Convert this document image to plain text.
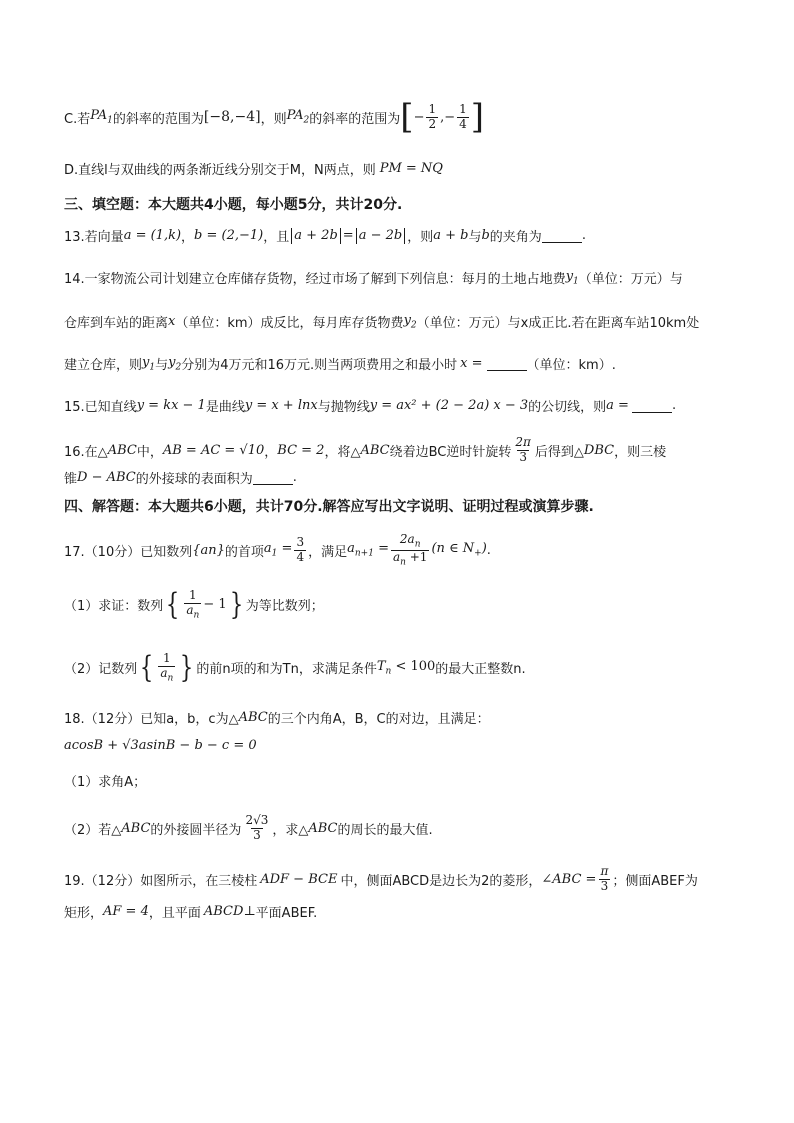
C.若 $PA_1$ 的斜率的范围为 [−8,−4] ，则 $PA_2$ 的斜率的范围为 [ − $\frac{1}{2}$ , − $\frac{1}{4}$ ]
D.直线l与双曲线的两条渐近线分别交于M，N两点，则 PM = NQ
三、填空题：本大题共4小题，每小题5分，共计20分.
13.若向量 a = (1,k) ， b = (2,−1) ，且 a + 2b = a − 2b ，则 a + b 与 b 的夹角为	.
14.一家物流公司计划建立仓库储存货物，经过市场了解到下列信息：每月的土地占地费 $y_1$ （单位：万元）与
仓库到车站的距离 x （单位：km）成反比，每月库存货物费 $y_2$ （单位：万元）与x成正比.若在距离车站10km处
建立仓库，则 $y_1$ 与 $y_2$ 分别为4万元和16万元.则当两项费用之和最小时 x =	（单位：km）.
15.已知直线 y = kx − 1 是曲线 y = x + lnx 与抛物线 y = ax² + (2 − 2a) x − 3 的公切线，则 a =	.
16.在△ ABC 中， AB = AC = √10 ， BC = 2 ，将△ ABC 绕着边BC逆时针旋转 $\frac{2\pi}{3}$ 后得到△ DBC ，则三棱
锥 D − ABC 的外接球的表面积为	.
四、解答题：本大题共6小题，共计70分.解答应写出文字说明、证明过程或演算步骤.
17.（10分）已知数列 {an} 的首项 $a_1 = \frac{3}{4}$ ，满足 $a_{n+1} = \frac{2a_n}{a_n +1} (n$ ∈ $N_+$) .
（1）求证：数列 { $\frac{1}{a_n} - 1$ } 为等比数列；
（2）记数列 { $\frac{1}{a_n}$ } 的前n项的和为Tn，求满足条件 $T_n < 100$ 的最大正整数n.
18.（12分）已知a，b，c为△ ABC 的三个内角A，B，C的对边，且满足：
acosB + √3asinB − b − c = 0
（1）求角A；
（2）若△ ABC 的外接圆半径为 $\frac{2√3}{3}$ ，求△ ABC 的周长的最大值.
19.（12分）如图所示，在三棱柱 ADF − BCE 中，侧面ABCD是边长为2的菱形， ∠ABC = $\frac{\pi}{3}$ ；侧面ABEF为
矩形， AF = 4 ，且平面 ABCD ⊥ 平面ABEF.
